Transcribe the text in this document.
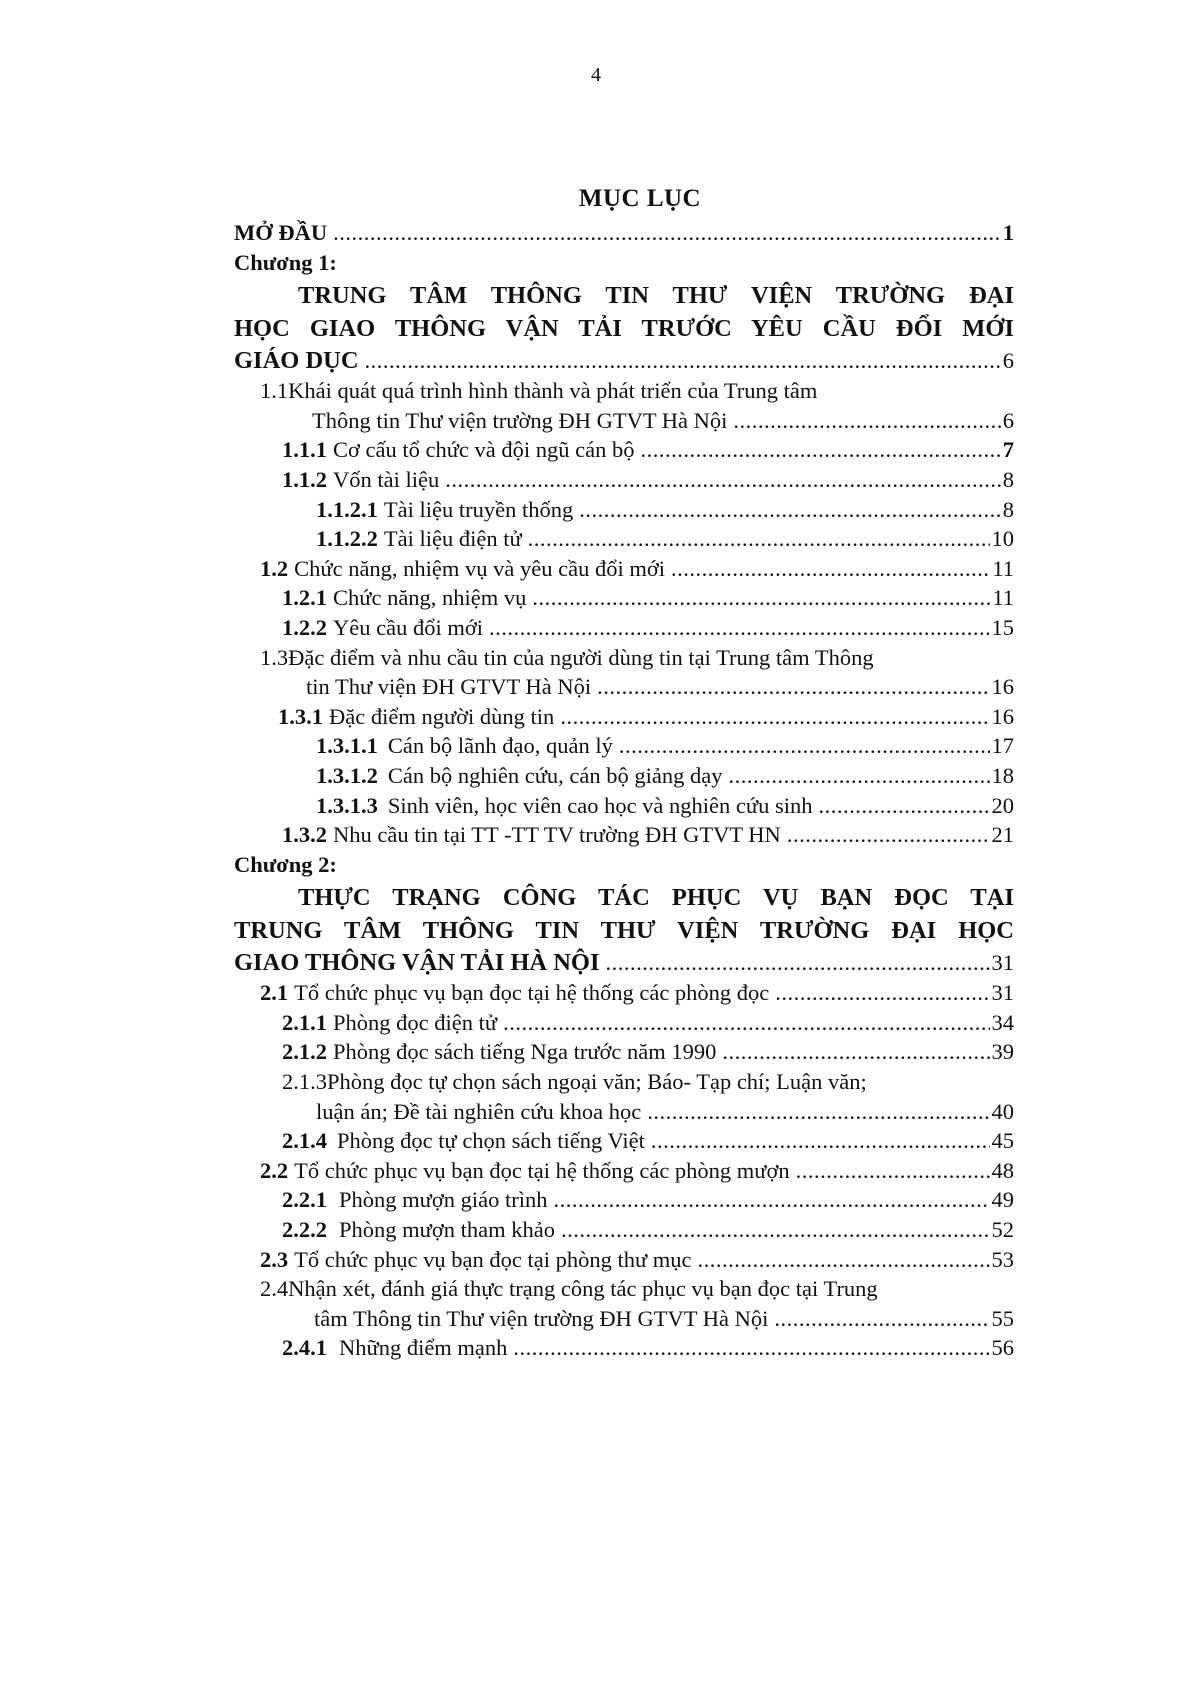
4
MỤC LỤC
MỞ ĐẦU .....	1
Chương 1:
TRUNG TÂM THÔNG TIN THƯ VIỆN TRƯỜNG ĐẠI
HỌC GIAO THÔNG VẬN TẢI TRƯỚC YÊU CẦU ĐỔI MỚI
GIÁO DỤC .....	6
1.1Khái quát quá trình hình thành và phát triển của Trung tâm
Thông tin Thư viện trường ĐH GTVT Hà Nội .....	6
1.1.1 Cơ cấu tổ chức và đội ngũ cán bộ .....	7
1.1.2 Vốn tài liệu .....	8
1.1.2.1 Tài liệu truyền thống .....	8
1.1.2.2 Tài liệu điện tử .....	10
1.2 Chức năng, nhiệm vụ và yêu cầu đổi mới .....	11
1.2.1 Chức năng, nhiệm vụ .....	11
1.2.2 Yêu cầu đổi mới .....	15
1.3Đặc điểm và nhu cầu tin của người dùng tin tại Trung tâm Thông
tin Thư viện ĐH GTVT Hà Nội .....	16
1.3.1 Đặc điểm người dùng tin .....	16
1.3.1.1 Cán bộ lãnh đạo, quản lý .....	17
1.3.1.2 Cán bộ nghiên cứu, cán bộ giảng dạy .....	18
1.3.1.3 Sinh viên, học viên cao học và nghiên cứu sinh .....	20
1.3.2 Nhu cầu tin tại TT -TT TV trường ĐH GTVT HN .....	21
Chương 2:
THỰC TRẠNG CÔNG TÁC PHỤC VỤ BẠN ĐỌC TẠI
TRUNG TÂM THÔNG TIN THƯ VIỆN TRƯỜNG ĐẠI HỌC
GIAO THÔNG VẬN TẢI HÀ NỘI .....	31
2.1 Tổ chức phục vụ bạn đọc tại hệ thống các phòng đọc .....	31
2.1.1 Phòng đọc điện tử .....	34
2.1.2 Phòng đọc sách tiếng Nga trước năm 1990 .....	39
2.1.3Phòng đọc tự chọn sách ngoại văn; Báo- Tạp chí; Luận văn;
luận án; Đề tài nghiên cứu khoa học .....	40
2.1.4 Phòng đọc tự chọn sách tiếng Việt .....	45
2.2 Tổ chức phục vụ bạn đọc tại hệ thống các phòng mượn .....	48
2.2.1 Phòng mượn giáo trình .....	49
2.2.2 Phòng mượn tham khảo .....	52
2.3 Tổ chức phục vụ bạn đọc tại phòng thư mục .....	53
2.4Nhận xét, đánh giá thực trạng công tác phục vụ bạn đọc tại Trung
tâm Thông tin Thư viện trường ĐH GTVT Hà Nội .....	55
2.4.1 Những điểm mạnh .....	56
